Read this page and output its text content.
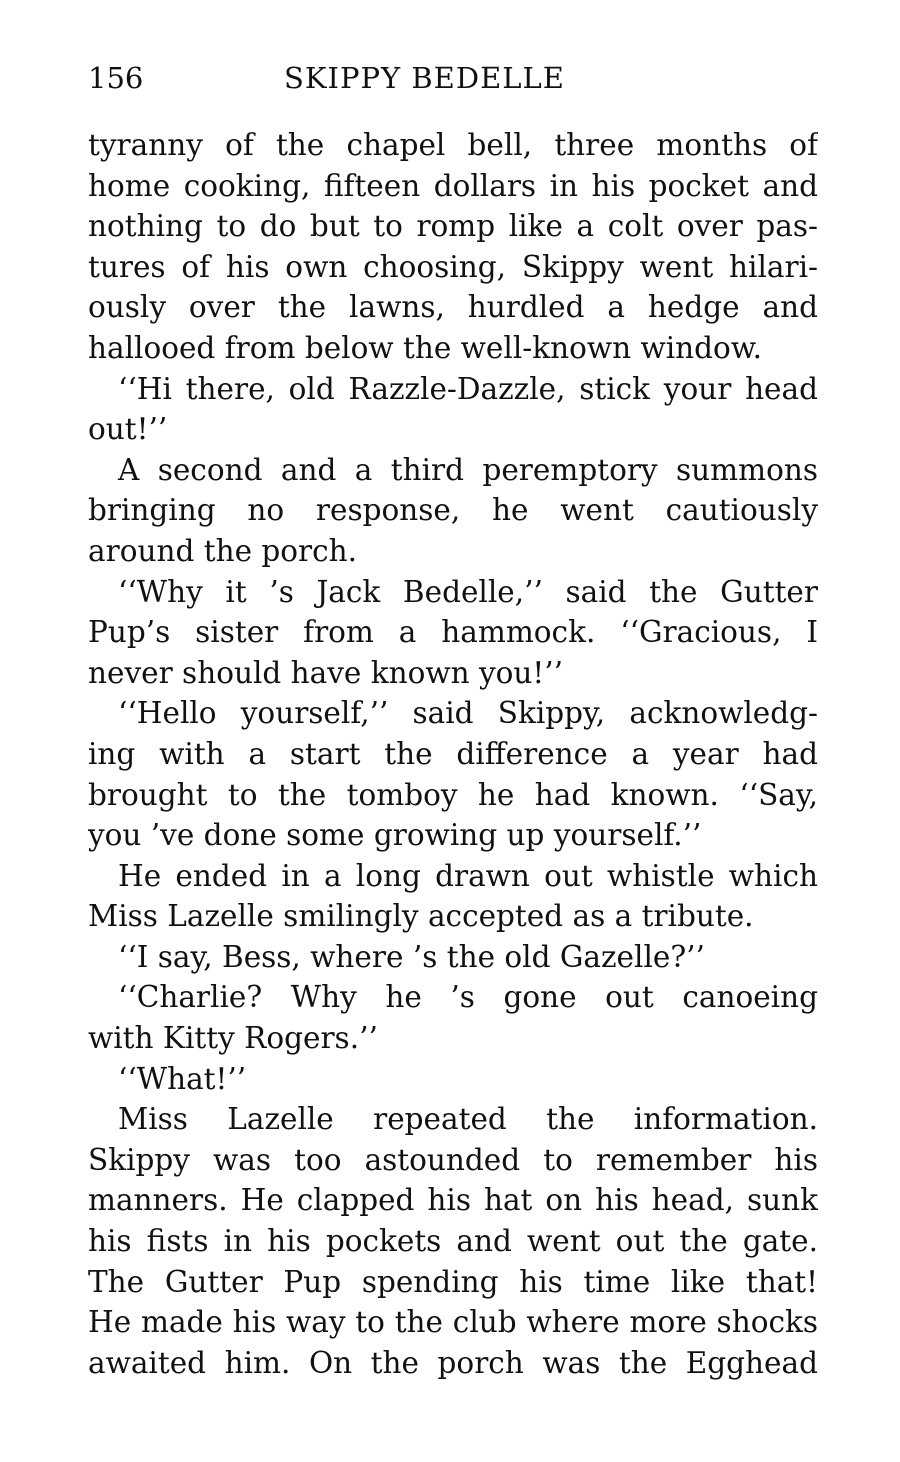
156	SKIPPY BEDELLE
tyranny of the chapel bell, three months of
home cooking, fifteen dollars in his pocket and
nothing to do but to romp like a colt over pas-
tures of his own choosing, Skippy went hilari-
ously over the lawns, hurdled a hedge and
hallooed from below the well-known window.
‘‘Hi there, old Razzle-Dazzle, stick your head
out!’’
A second and a third peremptory summons
bringing no response, he went cautiously
around the porch.
‘‘Why it ’s Jack Bedelle,’’ said the Gutter
Pup’s sister from a hammock. ‘‘Gracious, I
never should have known you!’’
‘‘Hello yourself,’’ said Skippy, acknowledg-
ing with a start the difference a year had
brought to the tomboy he had known. ‘‘Say,
you ’ve done some growing up yourself.’’
He ended in a long drawn out whistle which
Miss Lazelle smilingly accepted as a tribute.
‘‘I say, Bess, where ’s the old Gazelle?’’
‘‘Charlie? Why he ’s gone out canoeing
with Kitty Rogers.’’
‘‘What!’’
Miss Lazelle repeated the information.
Skippy was too astounded to remember his
manners. He clapped his hat on his head, sunk
his fists in his pockets and went out the gate.
The Gutter Pup spending his time like that!
He made his way to the club where more shocks
awaited him. On the porch was the Egghead
